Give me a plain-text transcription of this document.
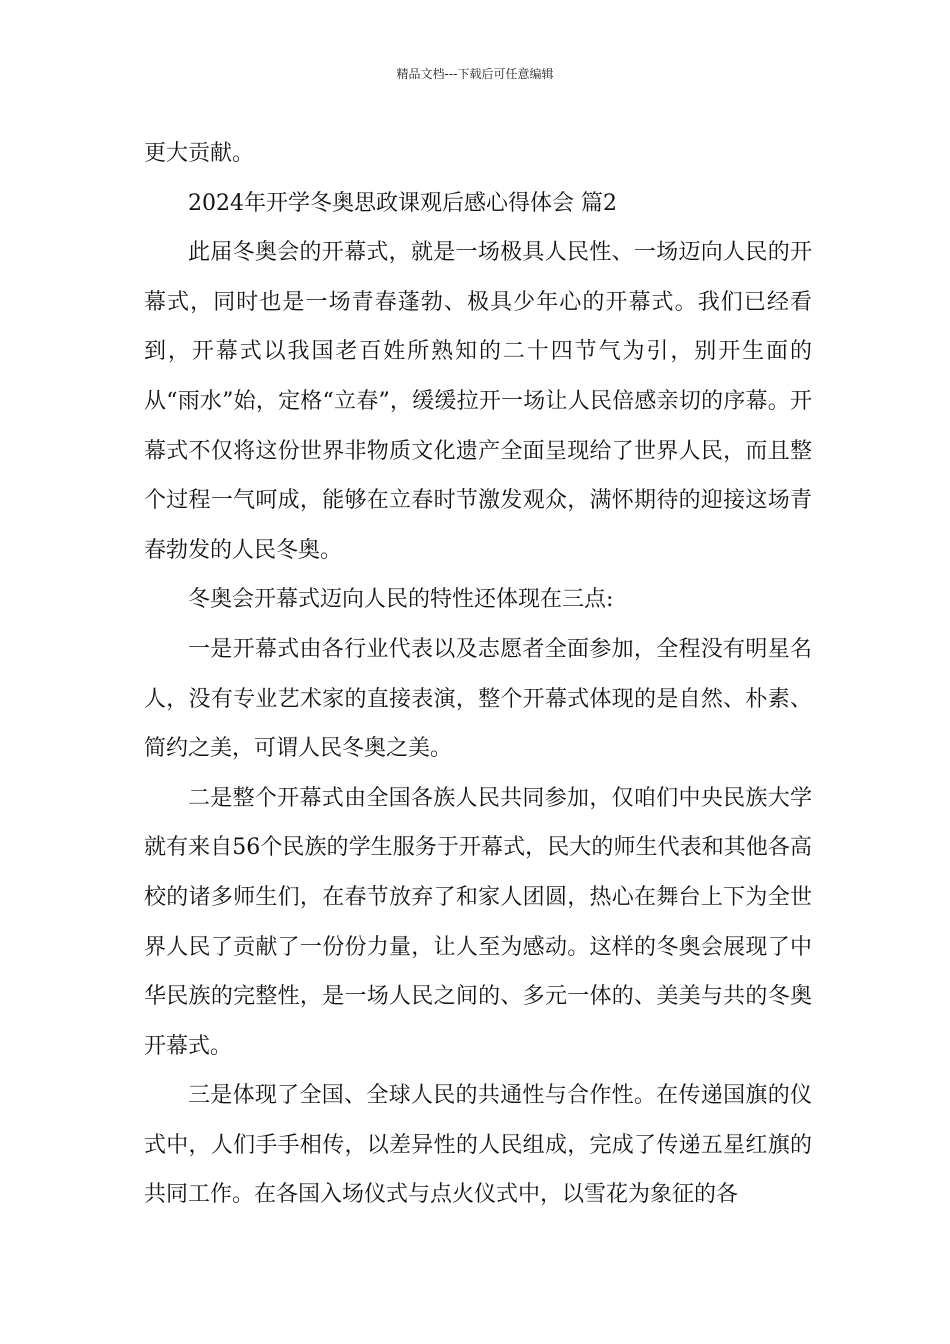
精品文档---下载后可任意编辑

更大贡献。

2024年开学冬奥思政课观后感心得体会 篇2

此届冬奥会的开幕式，就是一场极具人民性、一场迈向人民的开幕式，同时也是一场青春蓬勃、极具少年心的开幕式。我们已经看到，开幕式以我国老百姓所熟知的二十四节气为引，别开生面的从“雨水”始，定格“立春”，缓缓拉开一场让人民倍感亲切的序幕。开幕式不仅将这份世界非物质文化遗产全面呈现给了世界人民，而且整个过程一气呵成，能够在立春时节激发观众，满怀期待的迎接这场青春勃发的人民冬奥。

冬奥会开幕式迈向人民的特性还体现在三点:

一是开幕式由各行业代表以及志愿者全面参加，全程没有明星名人，没有专业艺术家的直接表演，整个开幕式体现的是自然、朴素、简约之美，可谓人民冬奥之美。

二是整个开幕式由全国各族人民共同参加，仅咱们中央民族大学就有来自56个民族的学生服务于开幕式，民大的师生代表和其他各高校的诸多师生们，在春节放弃了和家人团圆，热心在舞台上下为全世界人民了贡献了一份份力量，让人至为感动。这样的冬奥会展现了中华民族的完整性，是一场人民之间的、多元一体的、美美与共的冬奥开幕式。

三是体现了全国、全球人民的共通性与合作性。在传递国旗的仪式中，人们手手相传，以差异性的人民组成，完成了传递五星红旗的共同工作。在各国入场仪式与点火仪式中，以雪花为象征的各
